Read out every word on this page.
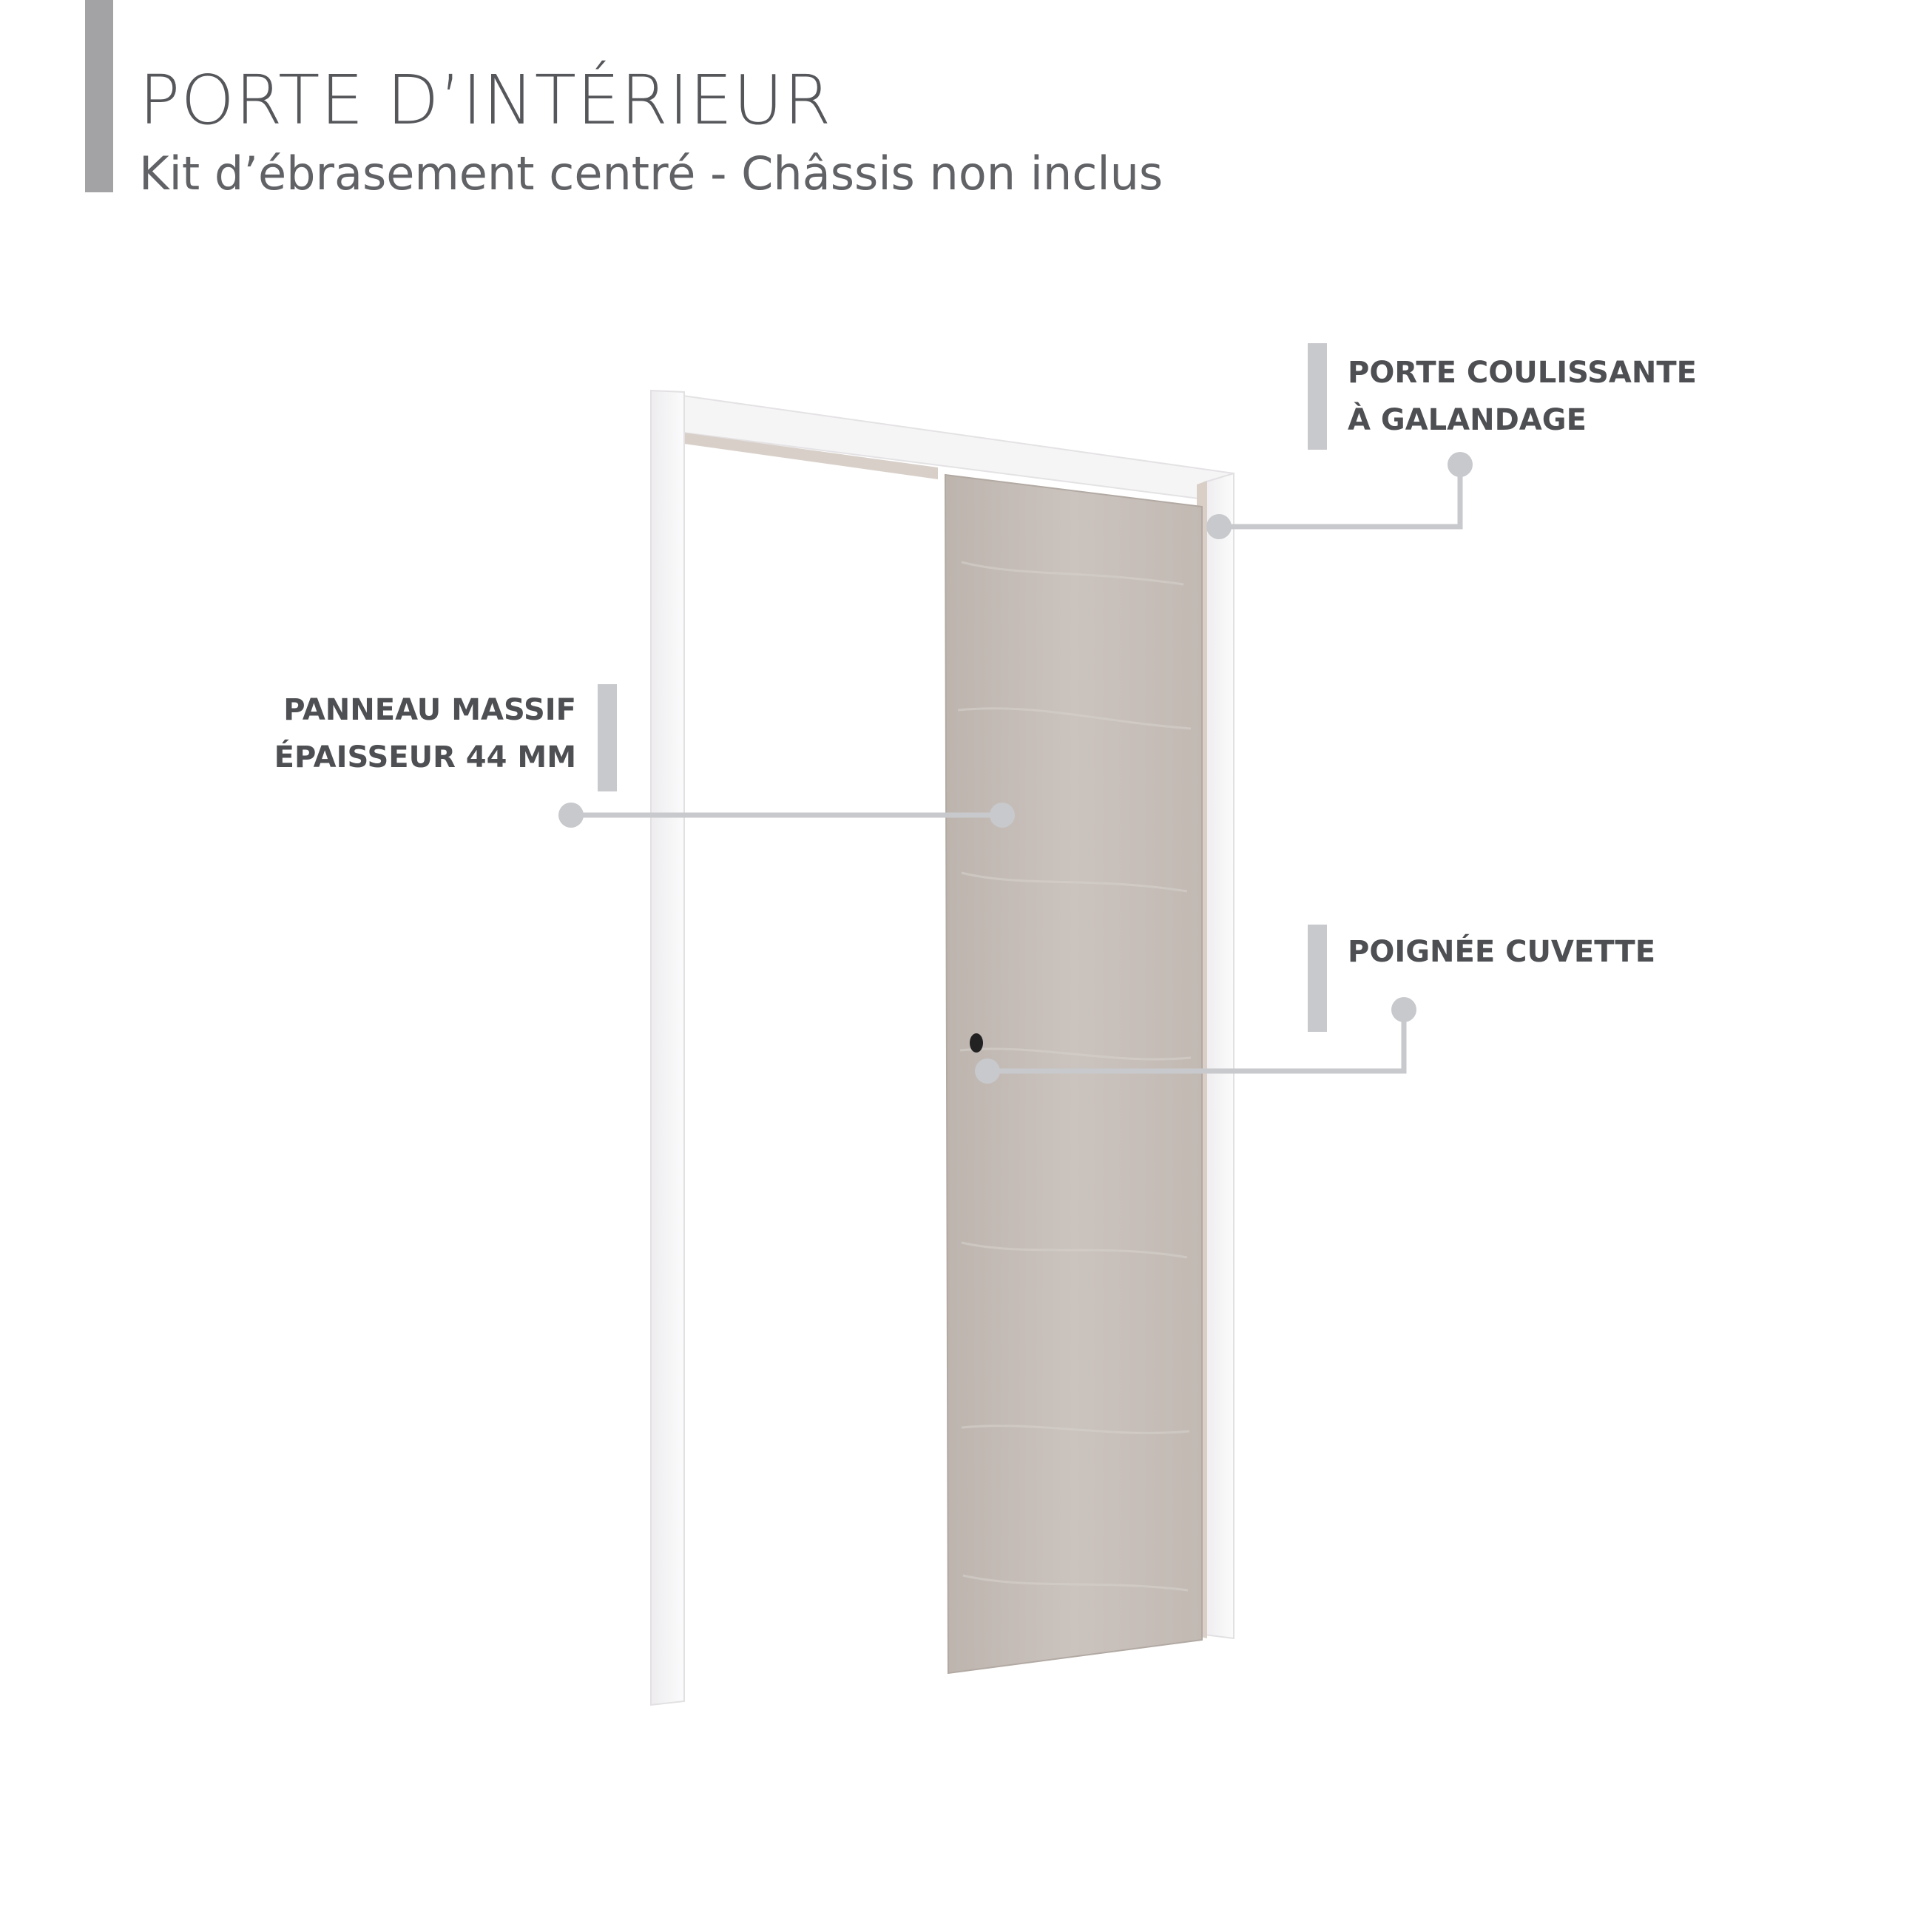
PORTE D’INTÉRIEUR

Kit d’ébrasement centré - Châssis non inclus

PORTE COULISSANTE
À GALANDAGE

PANNEAU MASSIF
ÉPAISSEUR 44 MM

POIGNÉE CUVETTE
